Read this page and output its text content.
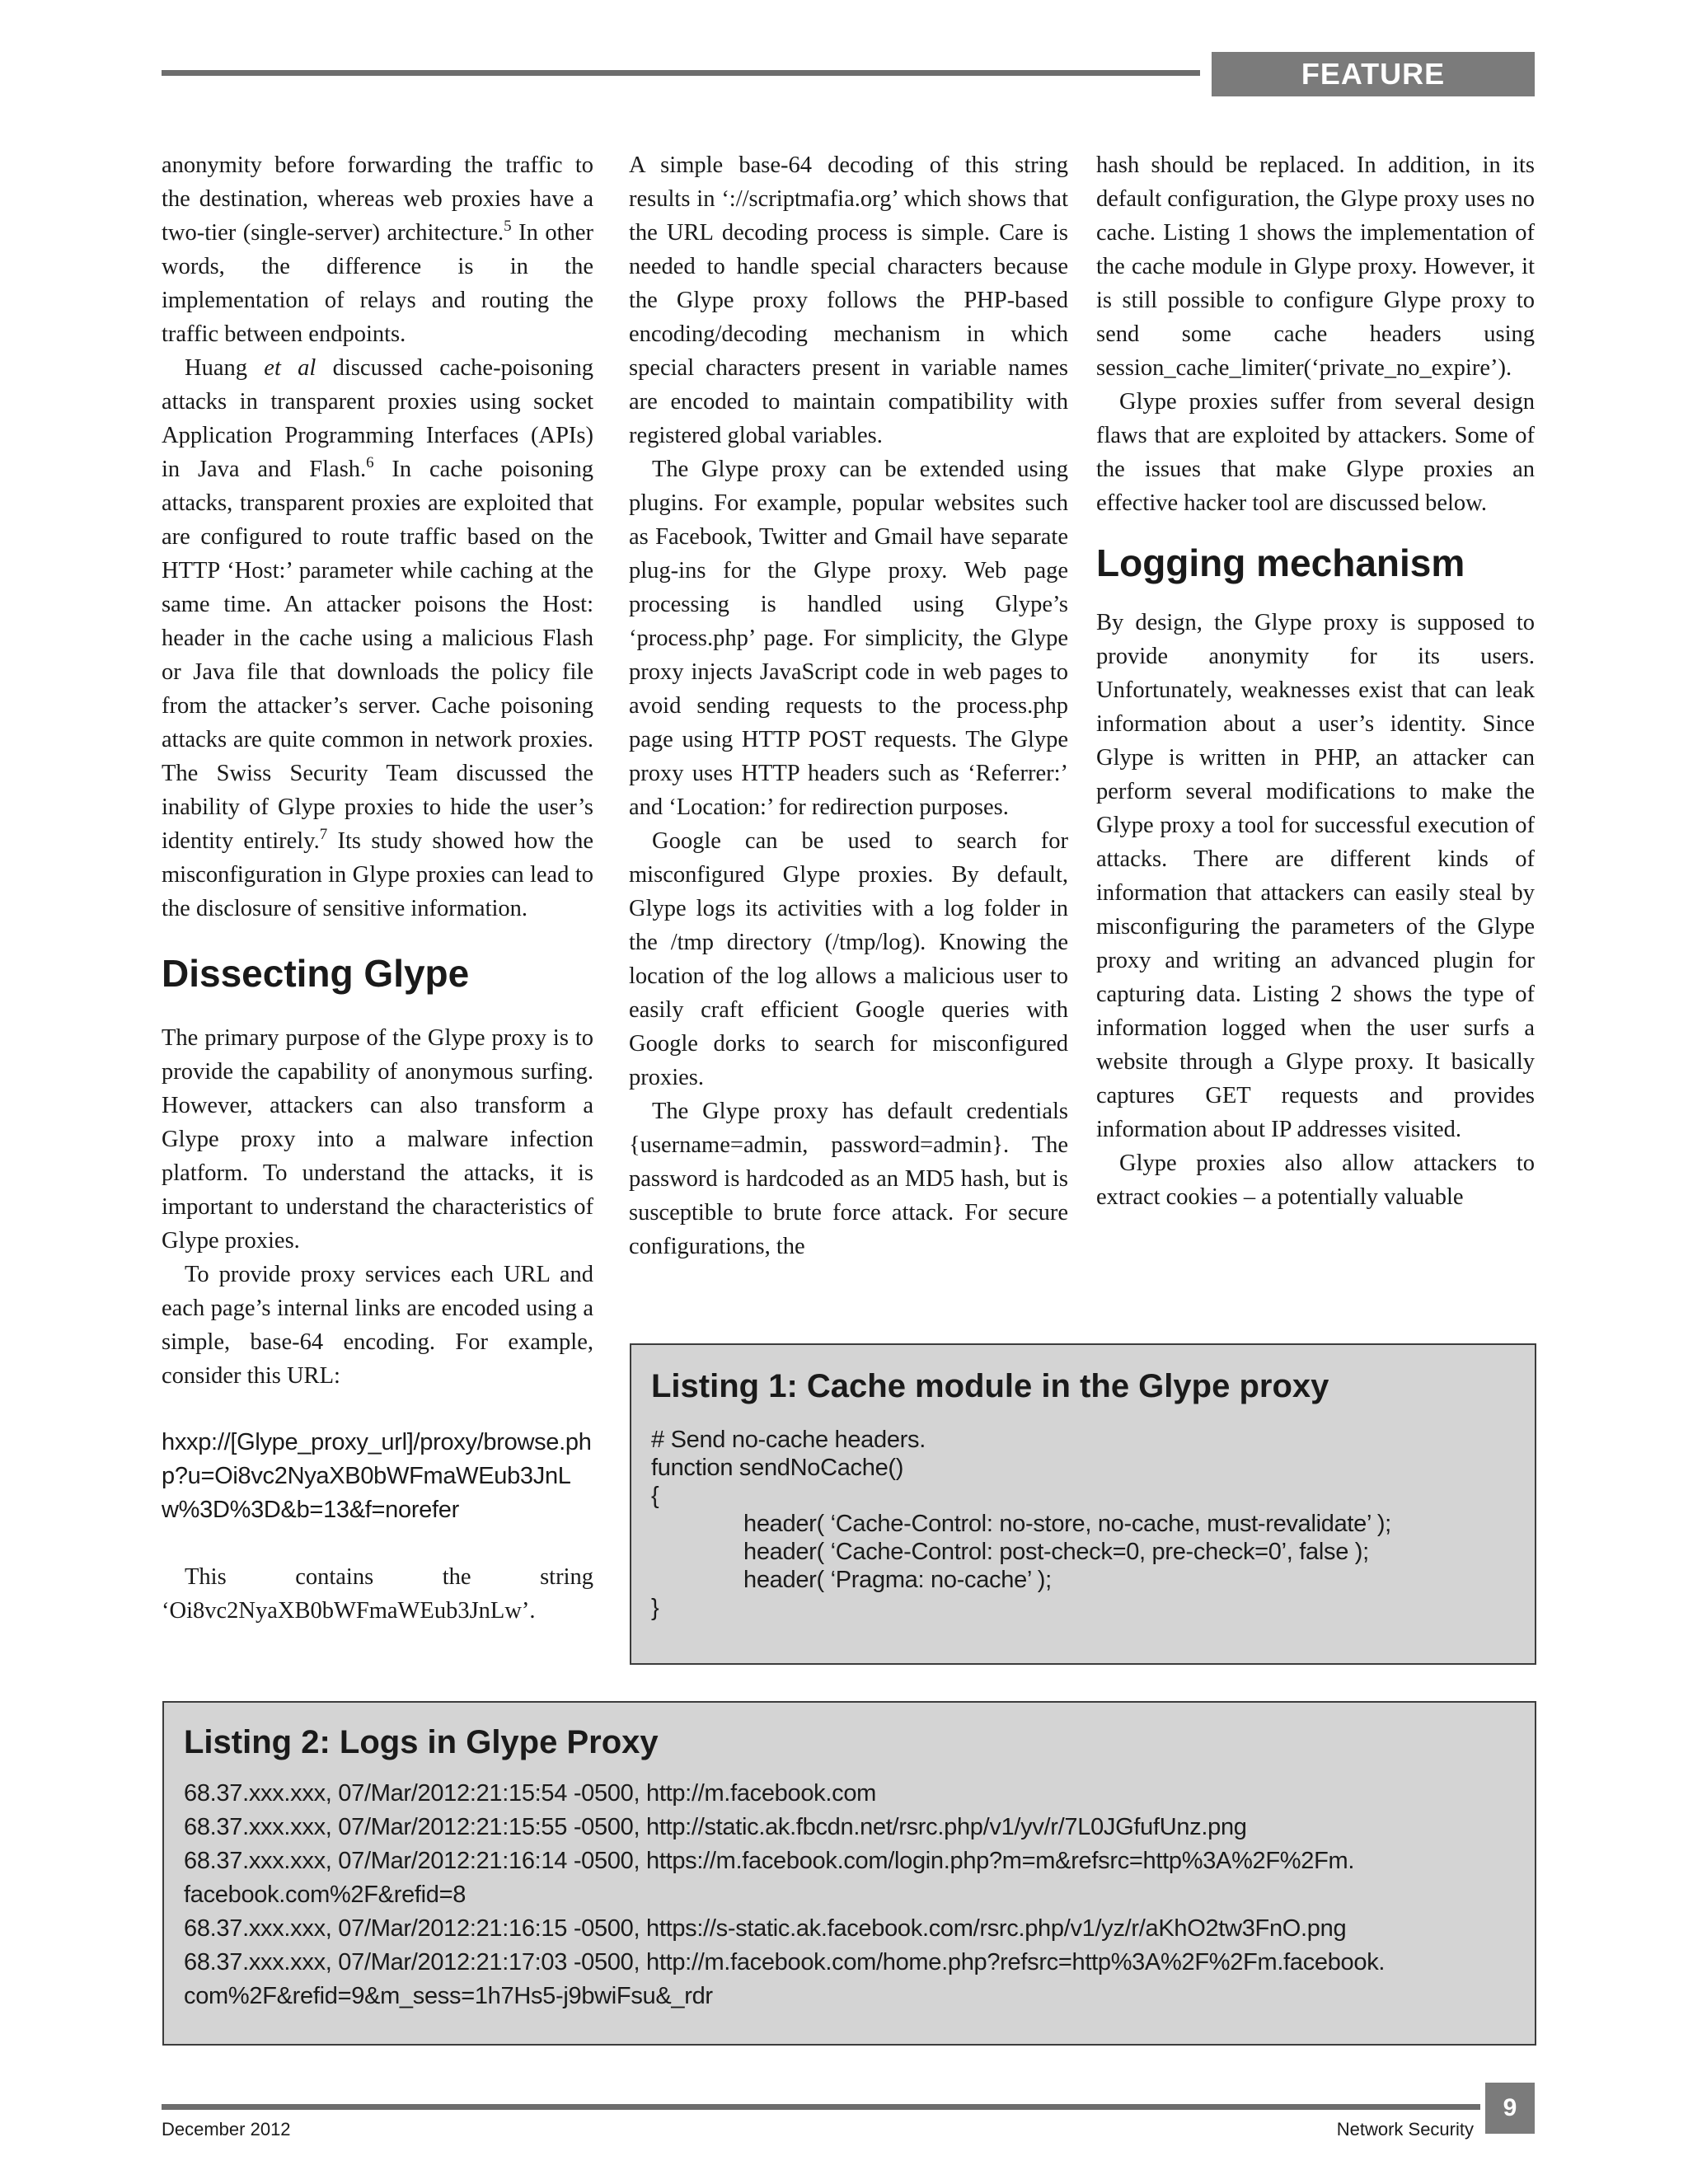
FEATURE

anonymity before forwarding the traffic to the destination, whereas web proxies have a two-tier (single-server) architecture.$^5$ In other words, the difference is in the implementation of relays and routing the traffic between endpoints.

Huang et al discussed cache-poisoning attacks in transparent proxies using socket Application Programming Interfaces (APIs) in Java and Flash.$^6$ In cache poisoning attacks, transparent proxies are exploited that are configured to route traffic based on the HTTP ‘Host:’ parameter while caching at the same time. An attacker poisons the Host: header in the cache using a malicious Flash or Java file that downloads the policy file from the attacker’s server. Cache poisoning attacks are quite common in network proxies. The Swiss Security Team discussed the inability of Glype proxies to hide the user’s identity entirely.$^7$ Its study showed how the misconfiguration in Glype proxies can lead to the disclosure of sensitive information.

Dissecting Glype

The primary purpose of the Glype proxy is to provide the capability of anonymous surfing. However, attackers can also transform a Glype proxy into a malware infection platform. To understand the attacks, it is important to understand the characteristics of Glype proxies.

To provide proxy services each URL and each page’s internal links are encoded using a simple, base-64 encoding. For example, consider this URL:

hxxp://[Glype_proxy_url]/proxy/browse.php?u=Oi8vc2NyaXB0bWFmaWEub3JnLw%3D%3D&b=13&f=norefer

This contains the string ‘Oi8vc2NyaXB0bWFmaWEub3JnLw’.

A simple base-64 decoding of this string results in ‘://scriptmafia.org’ which shows that the URL decoding process is simple. Care is needed to handle special characters because the Glype proxy follows the PHP-based encoding/decoding mechanism in which special characters present in variable names are encoded to maintain compatibility with registered global variables.

The Glype proxy can be extended using plugins. For example, popular websites such as Facebook, Twitter and Gmail have separate plug-ins for the Glype proxy. Web page processing is handled using Glype’s ‘process.php’ page. For simplicity, the Glype proxy injects JavaScript code in web pages to avoid sending requests to the process.php page using HTTP POST requests. The Glype proxy uses HTTP headers such as ‘Referrer:’ and ‘Location:’ for redirection purposes.

Google can be used to search for misconfigured Glype proxies. By default, Glype logs its activities with a log folder in the /tmp directory (/tmp/log). Knowing the location of the log allows a malicious user to easily craft efficient Google queries with Google dorks to search for misconfigured proxies.

The Glype proxy has default credentials {username=admin, password=admin}. The password is hardcoded as an MD5 hash, but is susceptible to brute force attack. For secure configurations, the

hash should be replaced. In addition, in its default configuration, the Glype proxy uses no cache. Listing 1 shows the implementation of the cache module in Glype proxy. However, it is still possible to configure Glype proxy to send some cache headers using session_cache_limiter(‘private_no_expire’).

Glype proxies suffer from several design flaws that are exploited by attackers. Some of the issues that make Glype proxies an effective hacker tool are discussed below.

Logging mechanism

By design, the Glype proxy is supposed to provide anonymity for its users. Unfortunately, weaknesses exist that can leak information about a user’s identity. Since Glype is written in PHP, an attacker can perform several modifications to make the Glype proxy a tool for successful execution of attacks. There are different kinds of information that attackers can easily steal by misconfiguring the parameters of the Glype proxy and writing an advanced plugin for capturing data. Listing 2 shows the type of information logged when the user surfs a website through a Glype proxy. It basically captures GET requests and provides information about IP addresses visited.

Glype proxies also allow attackers to extract cookies – a potentially valuable

Listing 1: Cache module in the Glype proxy
# Send no-cache headers.
function sendNoCache()
{
header( ‘Cache-Control: no-store, no-cache, must-revalidate’ );
header( ‘Cache-Control: post-check=0, pre-check=0’, false );
header( ‘Pragma: no-cache’ );
}
Listing 2: Logs in Glype Proxy
68.37.xxx.xxx, 07/Mar/2012:21:15:54 -0500, http://m.facebook.com
68.37.xxx.xxx, 07/Mar/2012:21:15:55 -0500, http://static.ak.fbcdn.net/rsrc.php/v1/yv/r/7L0JGfufUnz.png
68.37.xxx.xxx, 07/Mar/2012:21:16:14 -0500, https://m.facebook.com/login.php?m=m&refsrc=http%3A%2F%2Fm.
facebook.com%2F&refid=8
68.37.xxx.xxx, 07/Mar/2012:21:16:15 -0500, https://s-static.ak.facebook.com/rsrc.php/v1/yz/r/aKhO2tw3FnO.png
68.37.xxx.xxx, 07/Mar/2012:21:17:03 -0500, http://m.facebook.com/home.php?refsrc=http%3A%2F%2Fm.facebook.
com%2F&refid=9&m_sess=1h7Hs5-j9bwiFsu&_rdr
9
December 2012	Network Security
